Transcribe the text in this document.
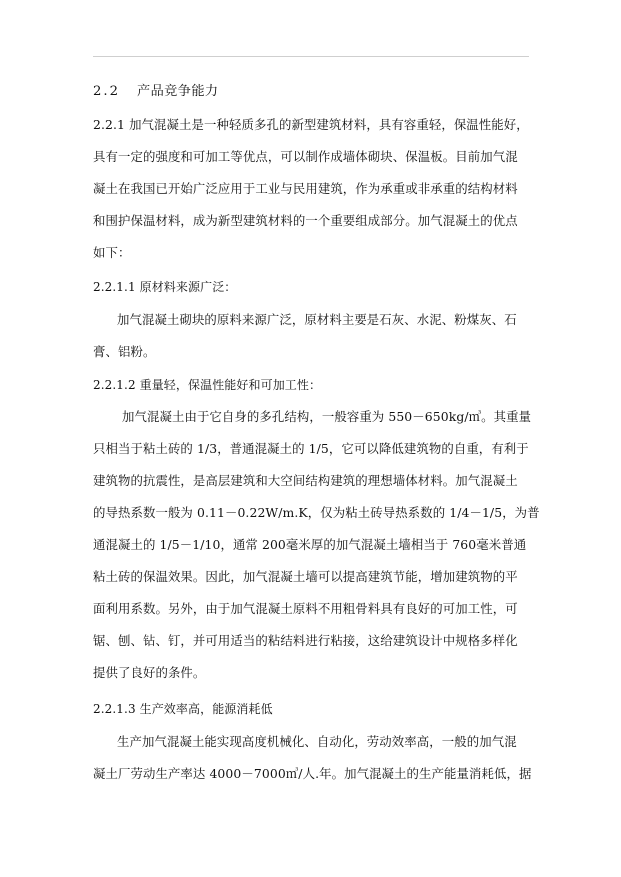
2.2 产品竞争能力
2.2.1 加气混凝土是一种轻质多孔的新型建筑材料，具有容重轻，保温性能好，
具有一定的强度和可加工等优点，可以制作成墙体砌块、保温板。目前加气混
凝土在我国已开始广泛应用于工业与民用建筑，作为承重或非承重的结构材料
和围护保温材料，成为新型建筑材料的一个重要组成部分。加气混凝土的优点
如下：
2.2.1.1 原材料来源广泛：
加气混凝土砌块的原料来源广泛，原材料主要是石灰、水泥、粉煤灰、石
膏、铝粉。
2.2.1.2 重量轻，保温性能好和可加工性：
加气混凝土由于它自身的多孔结构，一般容重为 550－650kg/㎥。其重量
只相当于粘土砖的 1/3，普通混凝土的 1/5，它可以降低建筑物的自重，有利于
建筑物的抗震性，是高层建筑和大空间结构建筑的理想墙体材料。加气混凝土
的导热系数一般为 0.11－0.22W/m.K，仅为粘土砖导热系数的 1/4－1/5，为普
通混凝土的 1/5－1/10，通常 200毫米厚的加气混凝土墙相当于 760毫米普通
粘土砖的保温效果。因此，加气混凝土墙可以提高建筑节能，增加建筑物的平
面利用系数。另外，由于加气混凝土原料不用粗骨料具有良好的可加工性，可
锯、刨、钻、钉，并可用适当的粘结料进行粘接，这给建筑设计中规格多样化
提供了良好的条件。
2.2.1.3 生产效率高，能源消耗低
生产加气混凝土能实现高度机械化、自动化，劳动效率高，一般的加气混
凝土厂劳动生产率达 4000－7000㎥/人.年。加气混凝土的生产能量消耗低，据
